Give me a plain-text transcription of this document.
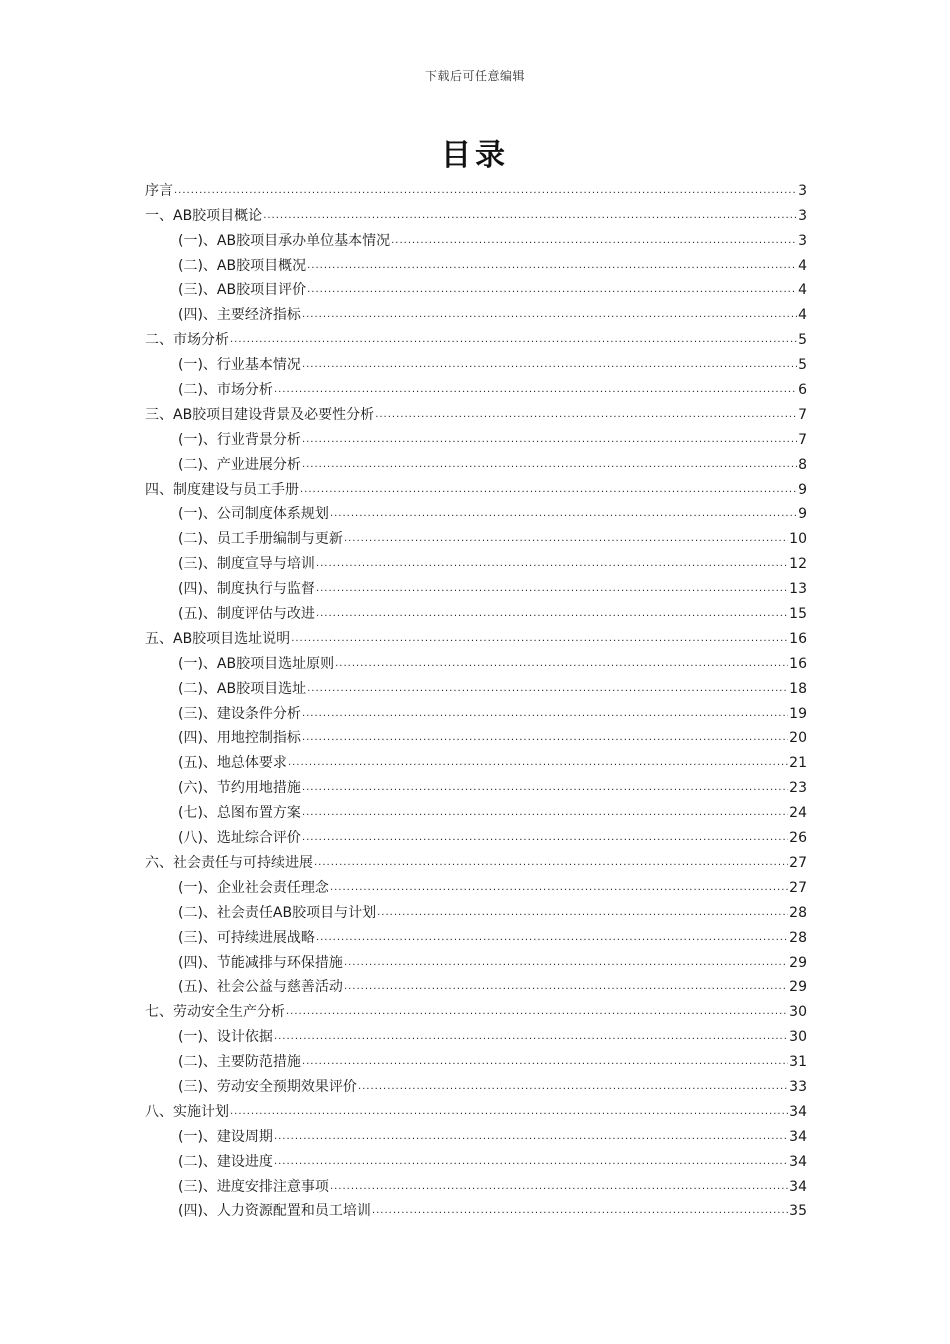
下载后可任意编辑
目录
序言 .....	3
一、AB胶项目概论 .....	3
(一)、AB胶项目承办单位基本情况 .....	3
(二)、AB胶项目概况 .....	4
(三)、AB胶项目评价 .....	4
(四)、主要经济指标 .....	4
二、市场分析 .....	5
(一)、行业基本情况 .....	5
(二)、市场分析 .....	6
三、AB胶项目建设背景及必要性分析 .....	7
(一)、行业背景分析 .....	7
(二)、产业进展分析 .....	8
四、制度建设与员工手册 .....	9
(一)、公司制度体系规划 .....	9
(二)、员工手册编制与更新 .....	10
(三)、制度宣导与培训 .....	12
(四)、制度执行与监督 .....	13
(五)、制度评估与改进 .....	15
五、AB胶项目选址说明 .....	16
(一)、AB胶项目选址原则 .....	16
(二)、AB胶项目选址 .....	18
(三)、建设条件分析 .....	19
(四)、用地控制指标 .....	20
(五)、地总体要求 .....	21
(六)、节约用地措施 .....	23
(七)、总图布置方案 .....	24
(八)、选址综合评价 .....	26
六、社会责任与可持续进展 .....	27
(一)、企业社会责任理念 .....	27
(二)、社会责任AB胶项目与计划 .....	28
(三)、可持续进展战略 .....	28
(四)、节能减排与环保措施 .....	29
(五)、社会公益与慈善活动 .....	29
七、劳动安全生产分析 .....	30
(一)、设计依据 .....	30
(二)、主要防范措施 .....	31
(三)、劳动安全预期效果评价 .....	33
八、实施计划 .....	34
(一)、建设周期 .....	34
(二)、建设进度 .....	34
(三)、进度安排注意事项 .....	34
(四)、人力资源配置和员工培训 .....	35
